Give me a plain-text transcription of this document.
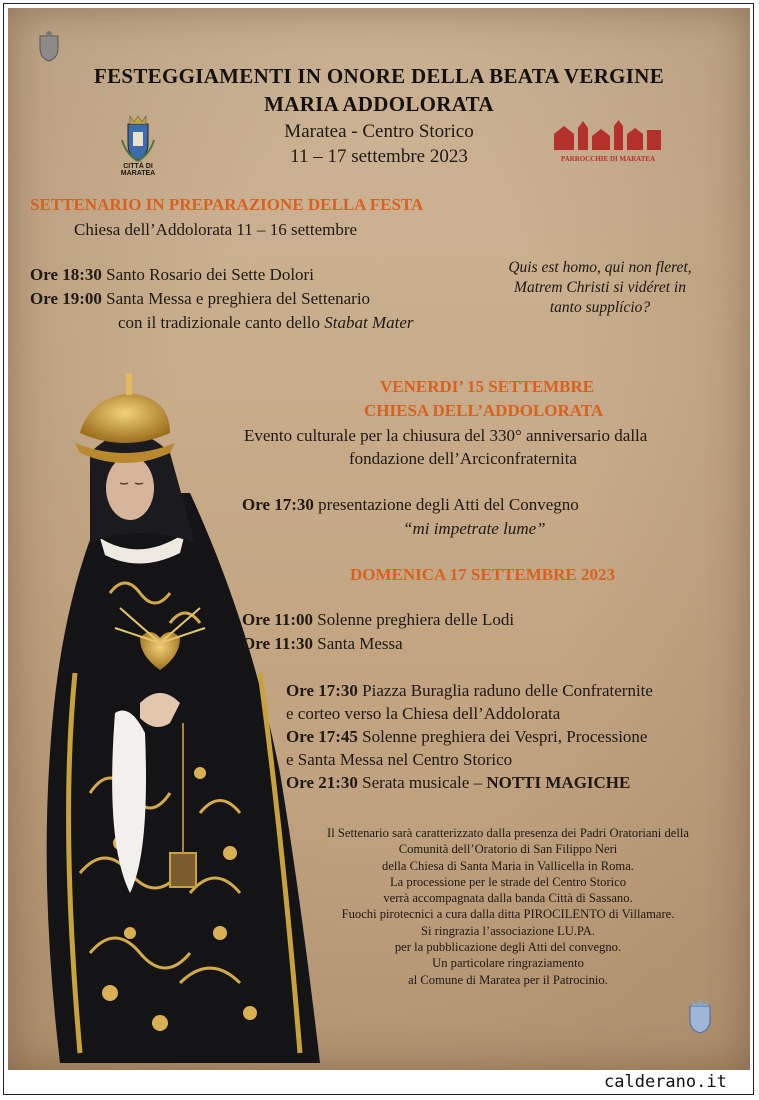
FESTEGGIAMENTI IN ONORE DELLA BEATA VERGINE
MARIA ADDOLORATA
Maratea - Centro Storico
11 – 17 settembre 2023
CITTÀ DI MARATEA
PARROCCHIE DI MARATEA
SETTENARIO IN PREPARAZIONE DELLA FESTA
Chiesa dell’Addolorata 11 – 16 settembre
Ore 18:30 Santo Rosario dei Sette Dolori
Ore 19:00 Santa Messa e preghiera del Settenario
con il tradizionale canto dello Stabat Mater
Quis est homo, qui non fleret,
Matrem Christi si vidéret in
tanto supplício?
VENERDI’ 15 SETTEMBRE
CHIESA DELL’ADDOLORATA
Evento culturale per la chiusura del 330° anniversario dalla
fondazione dell’Arciconfraternita
Ore 17:30 presentazione degli Atti del Convegno
“mi impetrate lume”
DOMENICA 17 SETTEMBRE 2023
Ore 11:00 Solenne preghiera delle Lodi
Ore 11:30 Santa Messa
Ore 17:30 Piazza Buraglia raduno delle Confraternite
e corteo verso la Chiesa dell’Addolorata
Ore 17:45 Solenne preghiera dei Vespri, Processione
e Santa Messa nel Centro Storico
Ore 21:30 Serata musicale – NOTTI MAGICHE
Il Settenario sarà caratterizzato dalla presenza dei Padri Oratoriani della
Comunità dell’Oratorio di San Filippo Neri
della Chiesa di Santa Maria in Vallicella in Roma.
La processione per le strade del Centro Storico
verrà accompagnata dalla banda Città di Sassano.
Fuochi pirotecnici a cura dalla ditta PIROCILENTO di Villamare.
Si ringrazia l’associazione LU.PA.
per la pubblicazione degli Atti del convegno.
Un particolare ringraziamento
al Comune di Maratea per il Patrocinio.
calderano.it
